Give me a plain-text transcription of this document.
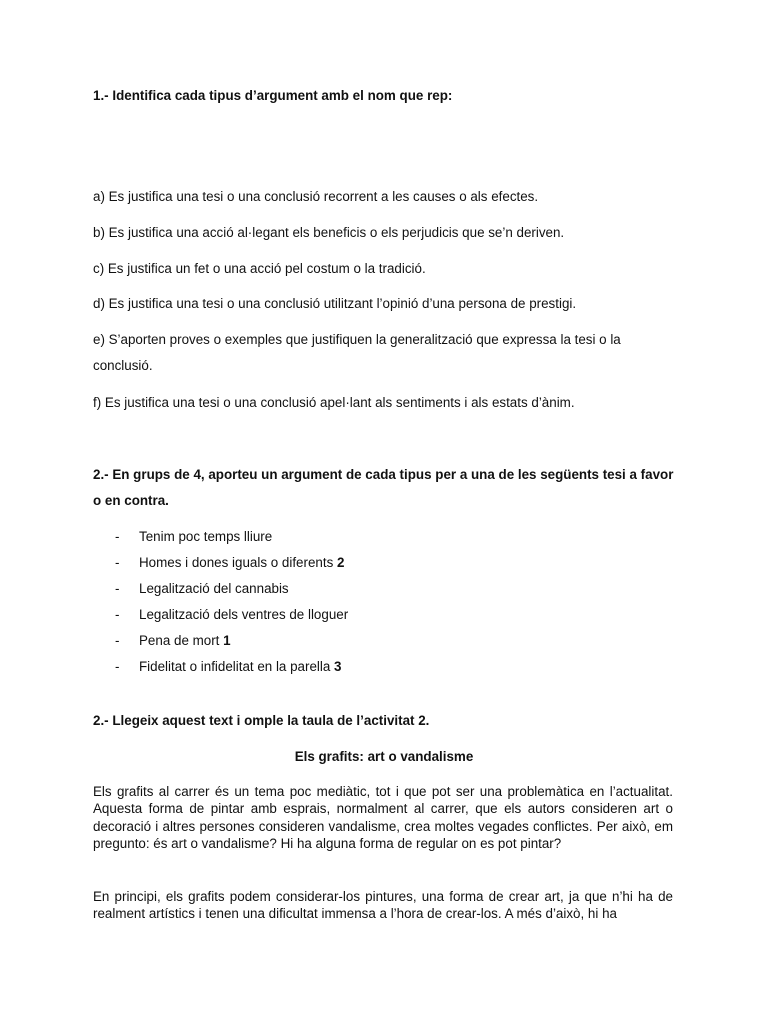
1.- Identifica cada tipus d’argument amb el nom que rep:

a) Es justifica una tesi o una conclusió recorrent a les causes o als efectes.

b) Es justifica una acció al·legant els beneficis o els perjudicis que se’n deriven.

c) Es justifica un fet o una acció pel costum o la tradició.

d) Es justifica una tesi o una conclusió utilitzant l’opinió d’una persona de prestigi.

e) S’aporten proves o exemples que justifiquen la generalització que expressa la tesi o la conclusió.

f) Es justifica una tesi o una conclusió apel·lant als sentiments i als estats d’ànim.

2.- En grups de 4, aporteu un argument de cada tipus per a una de les següents tesi a favor o en contra.

- Tenim poc temps lliure
- Homes i dones iguals o diferents 2
- Legalització del cannabis
- Legalització dels ventres de lloguer
- Pena de mort 1
- Fidelitat o infidelitat en la parella 3

2.- Llegeix aquest text i omple la taula de l’activitat 2.

Els grafits: art o vandalisme

Els grafits al carrer és un tema poc mediàtic, tot i que pot ser una problemàtica en l’actualitat. Aquesta forma de pintar amb esprais, normalment al carrer, que els autors consideren art o decoració i altres persones consideren vandalisme, crea moltes vegades conflictes. Per això, em pregunto: és art o vandalisme? Hi ha alguna forma de regular on es pot pintar?

En principi, els grafits podem considerar-los pintures, una forma de crear art, ja que n’hi ha de realment artístics i tenen una dificultat immensa a l’hora de crear-los. A més d’això, hi ha
